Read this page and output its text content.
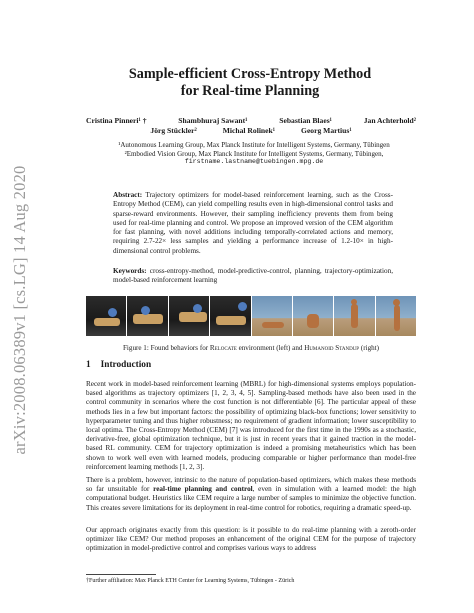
arXiv:2008.06389v1 [cs.LG] 14 Aug 2020
Sample-efficient Cross-Entropy Method
for Real-time Planning
Cristina Pinneri¹ †	Shambhuraj Sawant¹	Sebastian Blaes¹	Jan Achterhold²
Jörg Stückler²	Michal Rolinek¹	Georg Martius¹
¹Autonomous Learning Group, Max Planck Institute for Intelligent Systems, Germany, Tübingen
²Embodied Vision Group, Max Planck Institute for Intelligent Systems, Germany, Tübingen,
firstname.lastname@tuebingen.mpg.de
Abstract: Trajectory optimizers for model-based reinforcement learning, such as the Cross-Entropy Method (CEM), can yield compelling results even in high-dimensional control tasks and sparse-reward environments. However, their sampling inefficiency prevents them from being used for real-time planning and control. We propose an improved version of the CEM algorithm for fast planning, with novel additions including temporally-correlated actions and memory, requiring 2.7-22× less samples and yielding a performance increase of 1.2-10× in high-dimensional control problems.
Keywords: cross-entropy-method, model-predictive-control, planning, trajectory-optimization, model-based reinforcement learning
Figure 1: Found behaviors for Relocate environment (left) and Humanoid Standup (right)
1 Introduction
Recent work in model-based reinforcement learning (MBRL) for high-dimensional systems employs population-based algorithms as trajectory optimizers [1, 2, 3, 4, 5]. Sampling-based methods have also been used in the control community in scenarios where the cost function is not differentiable [6]. The particular appeal of these methods lies in a few but important factors: the possibility of optimizing black-box functions; lower sensitivity to hyperparameter tuning and thus higher robustness; no requirement of gradient information; lower susceptibility to local optima. The Cross-Entropy Method (CEM) [7] was introduced for the first time in the 1990s as a stochastic, derivative-free, global optimization technique, but it is just in recent years that it gained traction in the model-based RL community. CEM for trajectory optimization is indeed a promising metaheuristics which has been shown to work well even with learned models, producing comparable or higher performance than model-free reinforcement learning methods [1, 2, 3].
There is a problem, however, intrinsic to the nature of population-based optimizers, which makes these methods so far unsuitable for real-time planning and control, even in simulation with a learned model: the high computational budget. Heuristics like CEM require a large number of samples to minimize the objective function. This creates severe limitations for its deployment in real-time control for robotics, requiring a dramatic speed-up.
Our approach originates exactly from this question: is it possible to do real-time planning with a zeroth-order optimizer like CEM? Our method proposes an enhancement of the original CEM for the purpose of trajectory optimization in model-predictive control and comprises various ways to address
†Further affiliation: Max Planck ETH Center for Learning Systems, Tübingen - Zürich
